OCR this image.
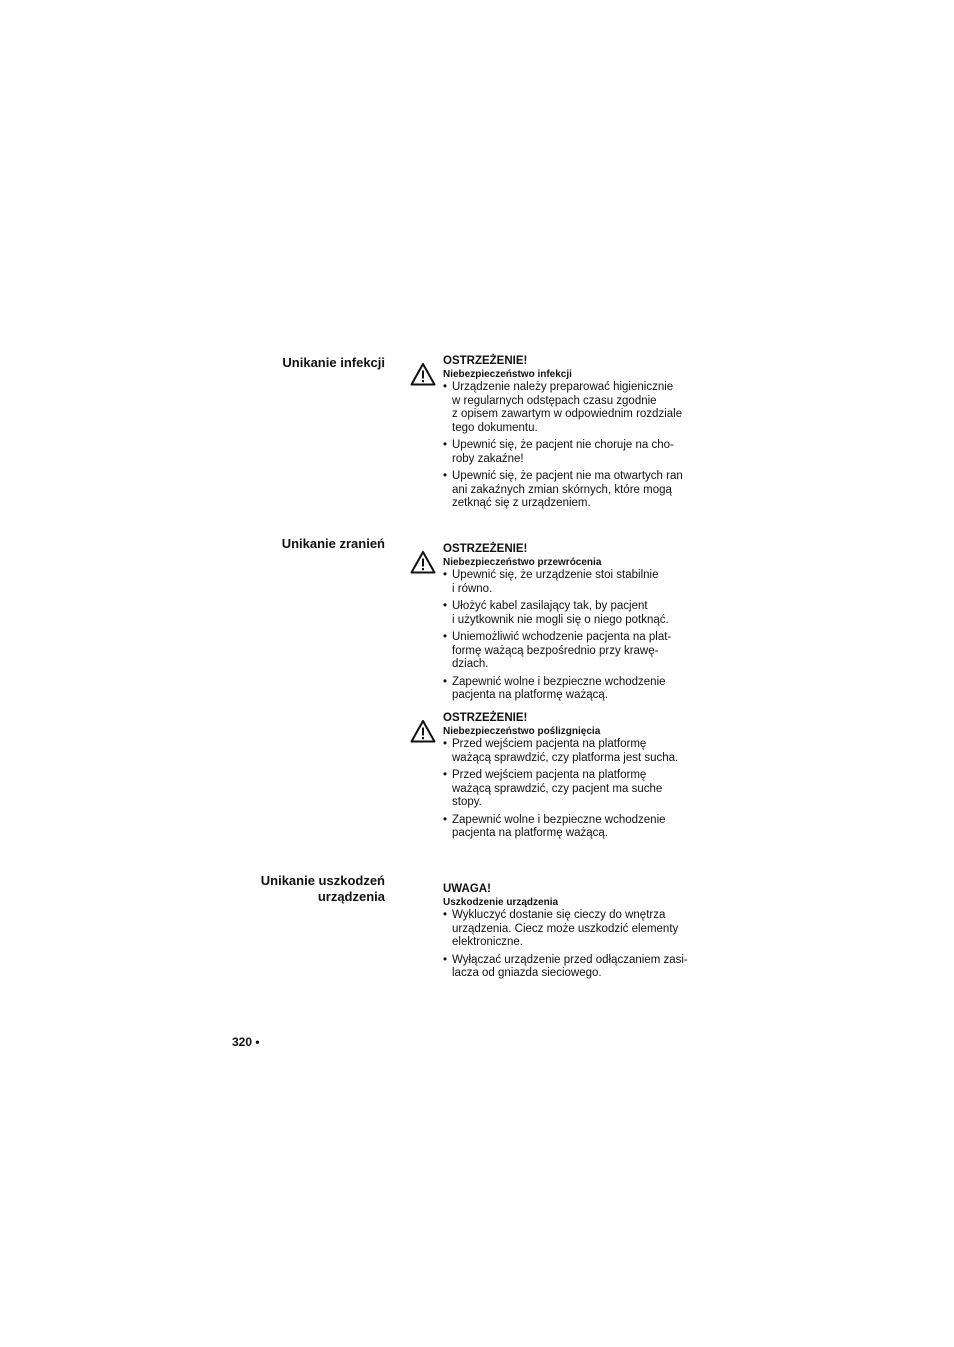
Unikanie infekcji	OSTRZEŻENIE!
Niebezpieczeństwo infekcji
• Urządzenie należy preparować higienicznie
w regularnych odstępach czasu zgodnie
z opisem zawartym w odpowiednim rozdziale
tego dokumentu.
• Upewnić się, że pacjent nie choruje na cho-
roby zakaźne!
• Upewnić się, że pacjent nie ma otwartych ran
ani zakaźnych zmian skórnych, które mogą
zetknąć się z urządzeniem.
Unikanie zranień	OSTRZEŻENIE!
Niebezpieczeństwo przewrócenia
• Upewnić się, że urządzenie stoi stabilnie
i równo.
• Ułożyć kabel zasilający tak, by pacjent
i użytkownik nie mogli się o niego potknąć.
• Uniemożliwić wchodzenie pacjenta na plat-
formę ważącą bezpośrednio przy krawę-
dziach.
• Zapewnić wolne i bezpieczne wchodzenie
pacjenta na platformę ważącą.
OSTRZEŻENIE!
Niebezpieczeństwo poślizgnięcia
• Przed wejściem pacjenta na platformę
ważącą sprawdzić, czy platforma jest sucha.
• Przed wejściem pacjenta na platformę
ważącą sprawdzić, czy pacjent ma suche
stopy.
• Zapewnić wolne i bezpieczne wchodzenie
pacjenta na platformę ważącą.
Unikanie uszkodzeń
urządzenia	UWAGA!
Uszkodzenie urządzenia
• Wykluczyć dostanie się cieczy do wnętrza
urządzenia. Ciecz może uszkodzić elementy
elektroniczne.
• Wyłączać urządzenie przed odłączaniem zasi-
lacza od gniazda sieciowego.
320 •
